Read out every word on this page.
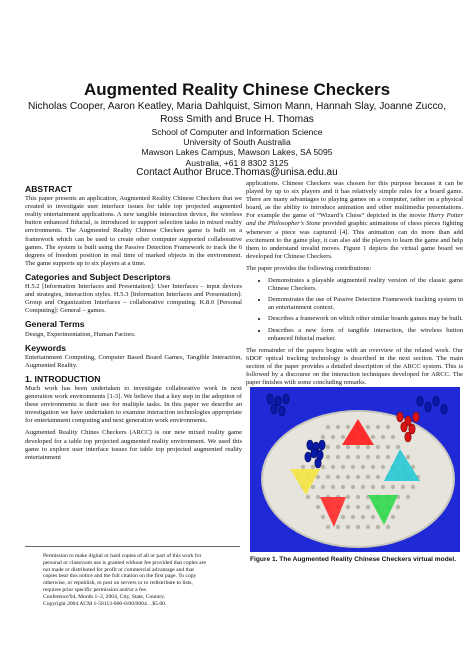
Augmented Reality Chinese Checkers
Nicholas Cooper, Aaron Keatley, Maria Dahlquist, Simon Mann, Hannah Slay, Joanne Zucco,
Ross Smith and Bruce H. Thomas
School of Computer and Information Science
University of South Australia
Mawson Lakes Campus, Mawson Lakes, SA 5095
Australia, +61 8 8302 3125
Contact Author Bruce.Thomas@unisa.edu.au
ABSTRACT

This paper presents an application, Augmented Reality Chinese Checkers that we created to investigate user interface issues for table top projected augmented reality entertainment applications. A new tangible interaction device, the wireless button enhanced fiducial, is introduced to support selection tasks in mixed reality environments. The Augmented Reality Chinese Checkers game is built on a framework which can be used to create other computer supported collaborative games. The system is built using the Passive Detection Framework to track the 6 degrees of freedom position in real time of marked objects in the environment. The game supports up to six players at a time.

Categories and Subject Descriptors

H.5.2 [Information Interfaces and Presentation]: User Interfaces – input devices and strategies, interaction styles. H.5.3 [Information Interfaces and Presentation]: Group and Organization Interfaces – collaborative computing. K.8.0 [Personal Computing]: General – games.

General Terms

Design, Experimentation, Human Factors.

Keywords

Entertainment Computing, Computer Based Board Games, Tangible Interaction, Augmented Reality.

1. INTRODUCTION

Much work has been undertaken to investigate collaborative work in next generation work environments [1-3]. We believe that a key step in the adoption of these environments is their use for multiple tasks. In this paper we describe an investigation we have undertaken to examine interaction technologies appropriate for entertainment computing and next generation work environments.

Augmented Reality Chines Checkers (ARCC) is our new mixed reality game developed for a table top projected augmented reality environment. We used this game to explore user interface issues for table top projected augmented reality entertainment

Permission to make digital or hard copies of all or part of this work for
personal or classroom use is granted without fee provided that copies are
not made or distributed for profit or commercial advantage and that
copies bear this notice and the full citation on the first page. To copy
otherwise, or republish, to post on servers or to redistribute to lists,
requires prior specific permission and/or a fee.
Conference'04, Month 1–2, 2004, City, State, Country.
Copyright 2004 ACM 1-58113-000-0/00/0004…$5.00.

applications. Chinese Checkers was chosen for this purpose because it can be played by up to six players and it has relatively simple rules for a board game. There are many advantages to playing games on a computer, rather on a physical board, as the ability to introduce animation and other multimedia presentations. For example the game of “Wizard’s Chess” depicted in the movie Harry Potter and the Philosopher’s Stone provided graphic animations of chess pieces fighting whenever a piece was captured [4]. This animation can do more than add excitement to the game play, it can also aid the players to learn the game and help them to understand invalid moves. Figure 1 depicts the virtual game board we developed for Chinese Checkers.

The paper provides the following contributions:

• Demonstrates a playable augmented reality version of the classic game Chinese Checkers.
• Demonstrates the use of Passive Detection Framework tracking system in an entertainment context.
• Describes a framework on which other similar boards games may be built.
• Describes a new form of tangible interaction, the wireless button enhanced fiducial marker.

The remainder of the papers begins with an overview of the related work. Our 6DOF optical tracking technology is described in the next section. The main section of the paper provides a detailed description of the ARCC system. This is followed by a discourse on the interaction techniques developed for ARCC. The paper finishes with some concluding remarks.

Figure 1. The Augmented Reality Chinese Checkers virtual model.
